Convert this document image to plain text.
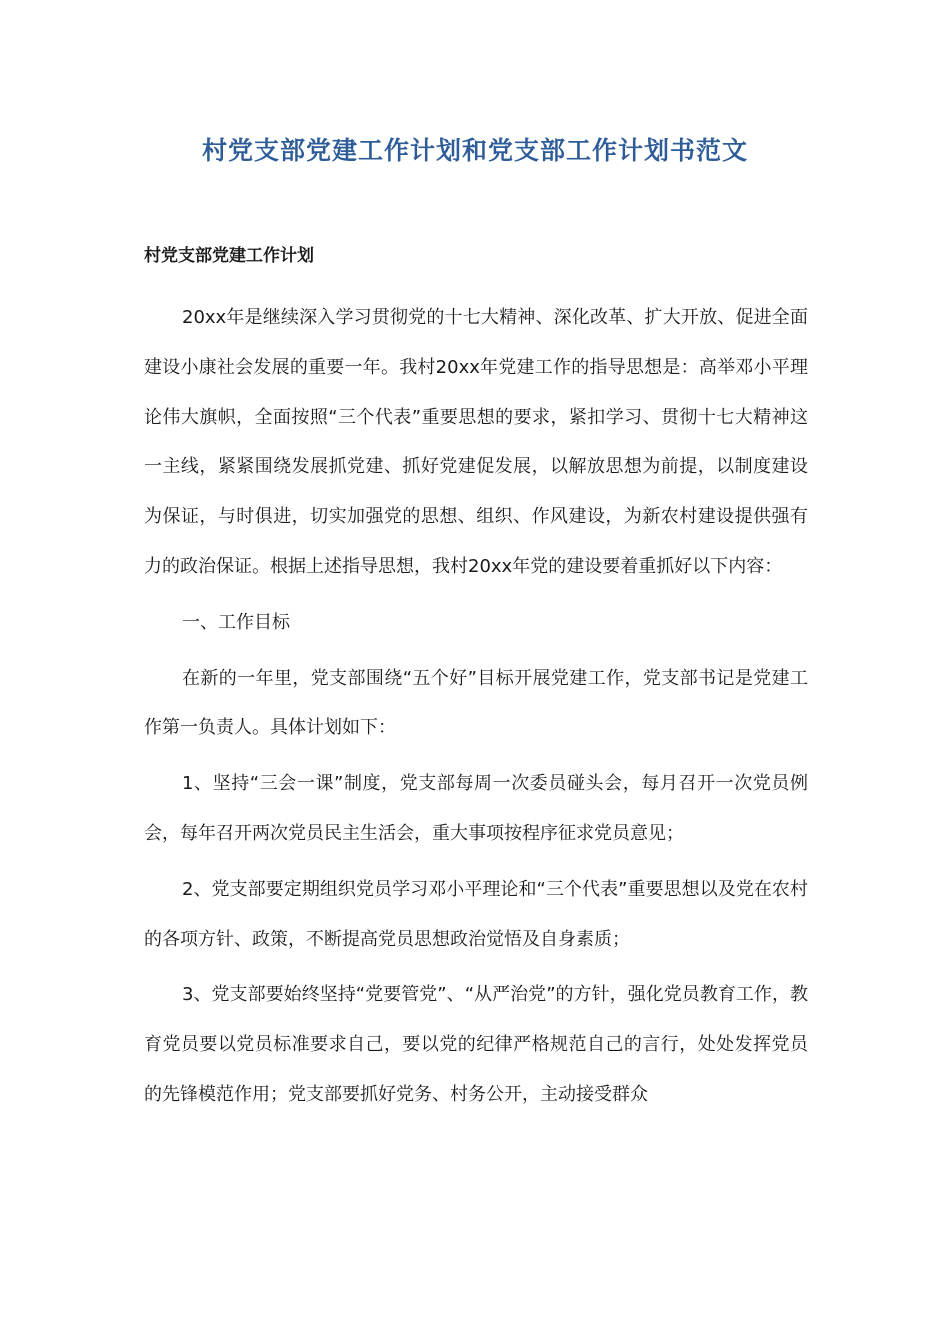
村党支部党建工作计划和党支部工作计划书范文
村党支部党建工作计划

20xx年是继续深入学习贯彻党的十七大精神、深化改革、扩大开放、促进全面建设小康社会发展的重要一年。我村20xx年党建工作的指导思想是：高举邓小平理论伟大旗帜，全面按照“三个代表”重要思想的要求，紧扣学习、贯彻十七大精神这一主线，紧紧围绕发展抓党建、抓好党建促发展，以解放思想为前提，以制度建设为保证，与时俱进，切实加强党的思想、组织、作风建设，为新农村建设提供强有力的政治保证。根据上述指导思想，我村20xx年党的建设要着重抓好以下内容：

一、工作目标

在新的一年里，党支部围绕“五个好”目标开展党建工作，党支部书记是党建工作第一负责人。具体计划如下：

1、坚持“三会一课”制度，党支部每周一次委员碰头会，每月召开一次党员例会，每年召开两次党员民主生活会，重大事项按程序征求党员意见；

2、党支部要定期组织党员学习邓小平理论和“三个代表”重要思想以及党在农村的各项方针、政策，不断提高党员思想政治觉悟及自身素质；

3、党支部要始终坚持“党要管党”、“从严治党”的方针，强化党员教育工作，教育党员要以党员标准要求自己，要以党的纪律严格规范自己的言行，处处发挥党员的先锋模范作用；党支部要抓好党务、村务公开，主动接受群众
